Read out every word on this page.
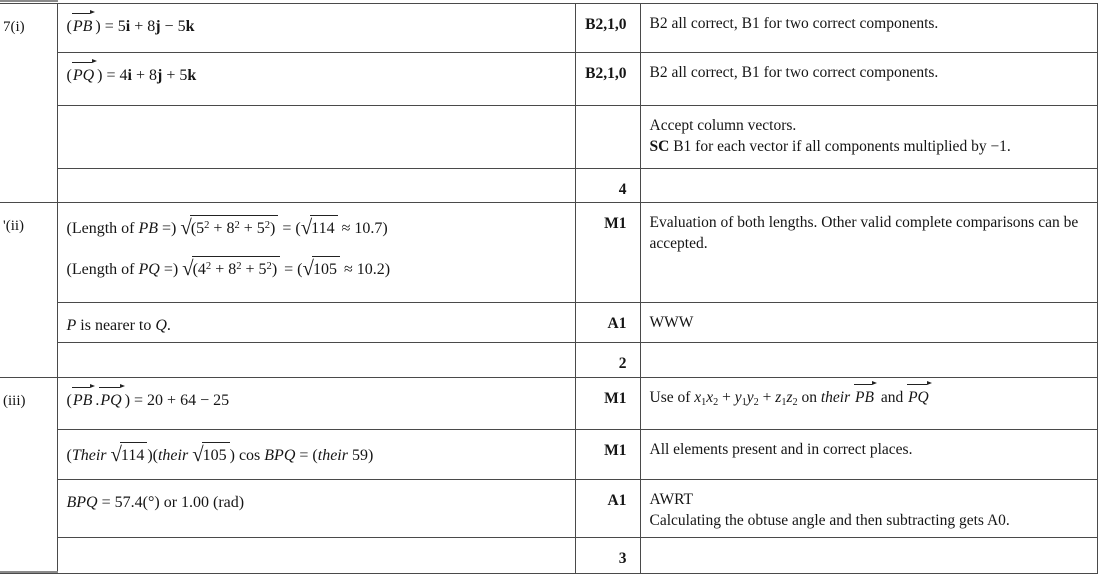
7(i)	(PB ) = 5i + 8j − 5k	B2,1,0	B2 all correct, B1 for two correct components.

	(PQ ) = 4i + 8j + 5k	B2,1,0	B2 all correct, B1 for two correct components.

			Accept column vectors.
SC B1 for each vector if all components multiplied by −1.

		4	
'(ii)	(Length of PB =) $√(5^2 + 8^2 + 5^2) = (√114 \approx 10.7)$
(Length of PQ =) $√(4^2 + 8^2 + 5^2) = (√105 \approx 10.2)$	M1	Evaluation of both lengths. Other valid complete comparisons can be accepted.

	P is nearer to Q.	A1	WWW

		2	
(iii)	(PB .PQ ) = 20 + 64 − 25	M1	Use of x1x2 + y1y2 + z1z2 on their PB and PQ

	(Their √114 )(their √105 ) cos BPQ = (their 59)	M1	All elements present and in correct places.

	BPQ = 57.4(°) or 1.00 (rad)	A1	AWRT
Calculating the obtuse angle and then subtracting gets A0.

		3	
